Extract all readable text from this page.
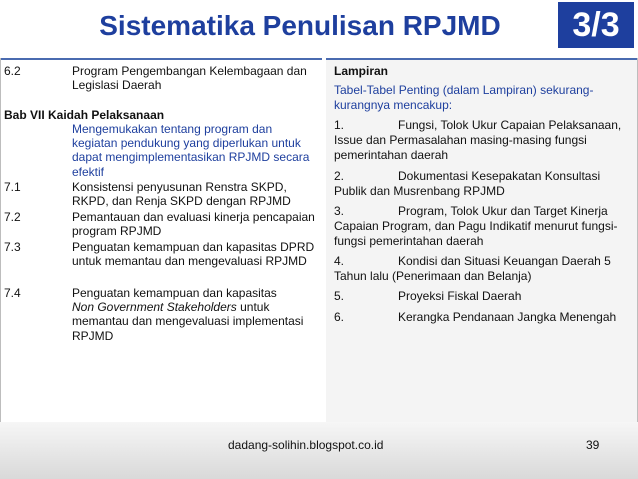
Sistematika Penulisan RPJMD	3/3
6.2	Program Pengembangan Kelembagaan dan Legislasi Daerah
Bab VII Kaidah Pelaksanaan
Mengemukakan tentang program dan kegiatan pendukung yang diperlukan untuk dapat mengimplementasikan RPJMD secara efektif
7.1	Konsistensi penyusunan Renstra SKPD, RKPD, dan Renja SKPD dengan RPJMD
7.2	Pemantauan dan evaluasi kinerja pencapaian program RPJMD
7.3	Penguatan kemampuan dan kapasitas DPRD untuk memantau dan mengevaluasi RPJMD
7.4	Penguatan kemampuan dan kapasitas
Non Government Stakeholders untuk memantau dan mengevaluasi implementasi RPJMD
Lampiran
Tabel-Tabel Penting (dalam Lampiran) sekurang-kurangnya mencakup:
1.	Fungsi, Tolok Ukur Capaian Pelaksanaan, Issue dan Permasalahan masing-masing fungsi pemerintahan daerah
2.	Dokumentasi Kesepakatan Konsultasi Publik dan Musrenbang RPJMD
3.	Program, Tolok Ukur dan Target Kinerja Capaian Program, dan Pagu Indikatif menurut fungsi-fungsi pemerintahan daerah
4.	Kondisi dan Situasi Keuangan Daerah 5 Tahun lalu (Penerimaan dan Belanja)
5.	Proyeksi Fiskal Daerah
6.	Kerangka Pendanaan Jangka Menengah
dadang-solihin.blogspot.co.id	39
